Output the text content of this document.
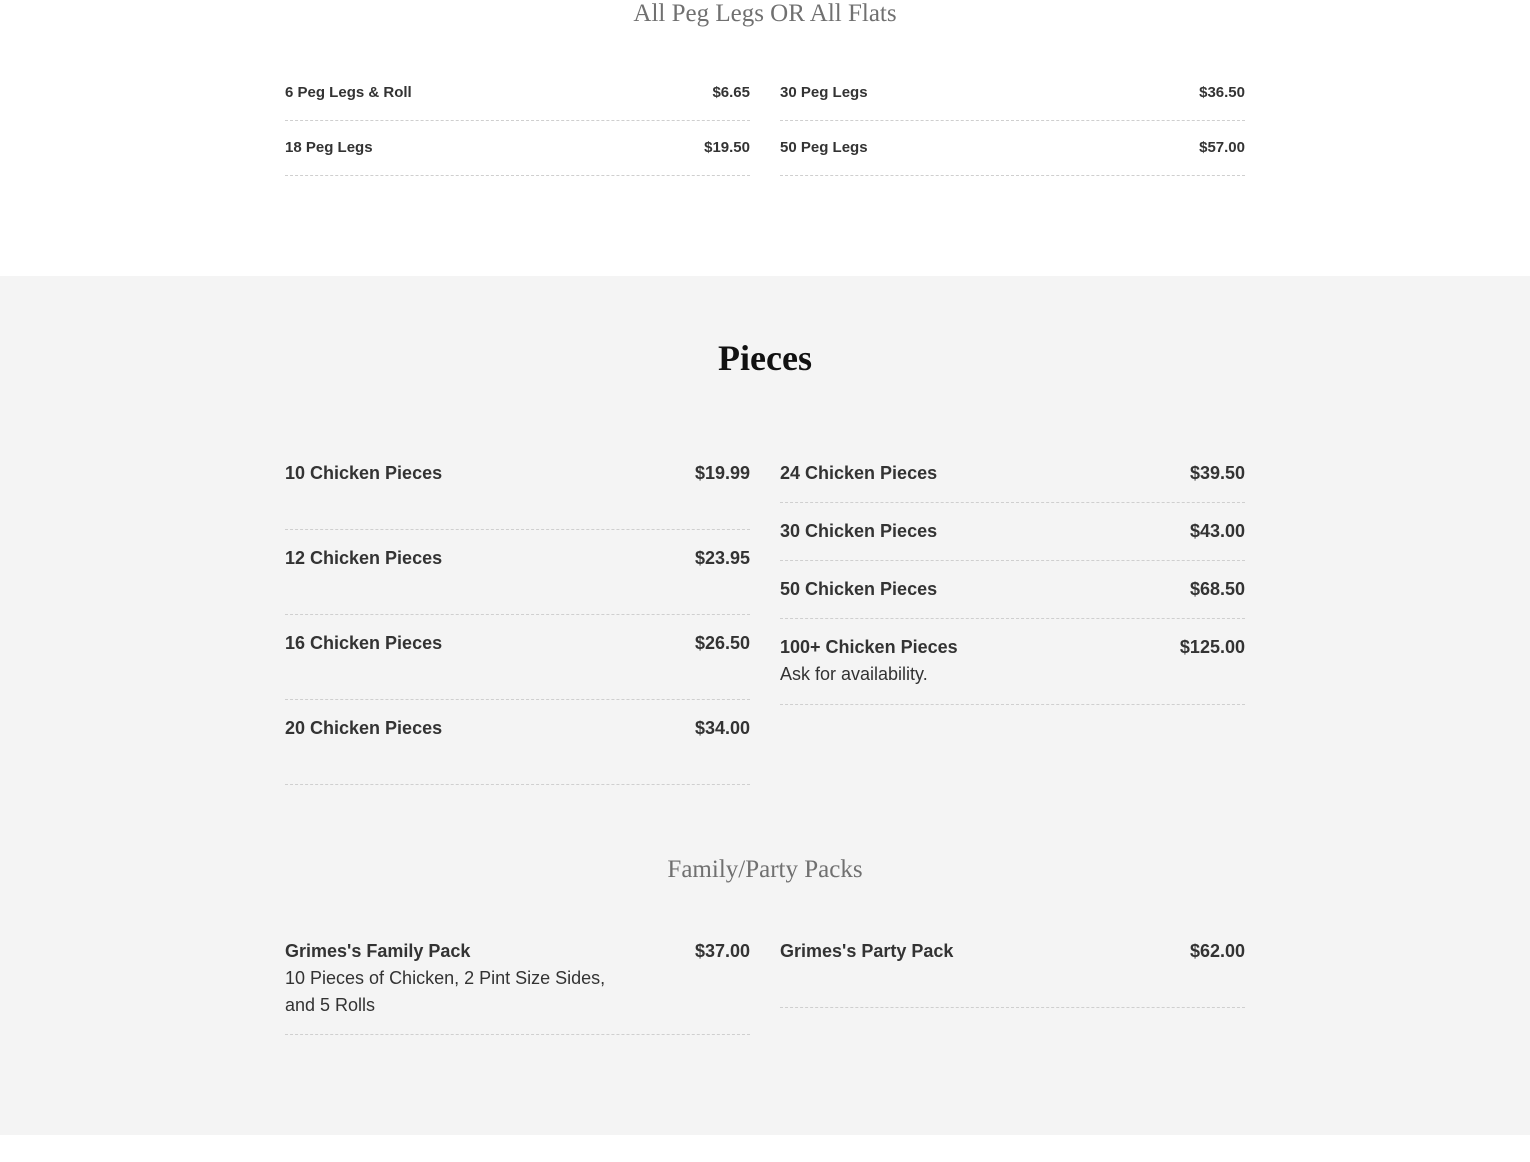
All Peg Legs OR All Flats
6 Peg Legs & Roll	$6.65
18 Peg Legs	$19.50
30 Peg Legs	$36.50
50 Peg Legs	$57.00
Pieces
10 Chicken Pieces	$19.99
12 Chicken Pieces	$23.95
16 Chicken Pieces	$26.50
20 Chicken Pieces	$34.00
24 Chicken Pieces	$39.50
30 Chicken Pieces	$43.00
50 Chicken Pieces	$68.50
100+ Chicken Pieces	$125.00
Ask for availability.
Family/Party Packs
Grimes's Family Pack	$37.00
10 Pieces of Chicken, 2 Pint Size Sides, and 5 Rolls
Grimes's Party Pack	$62.00
